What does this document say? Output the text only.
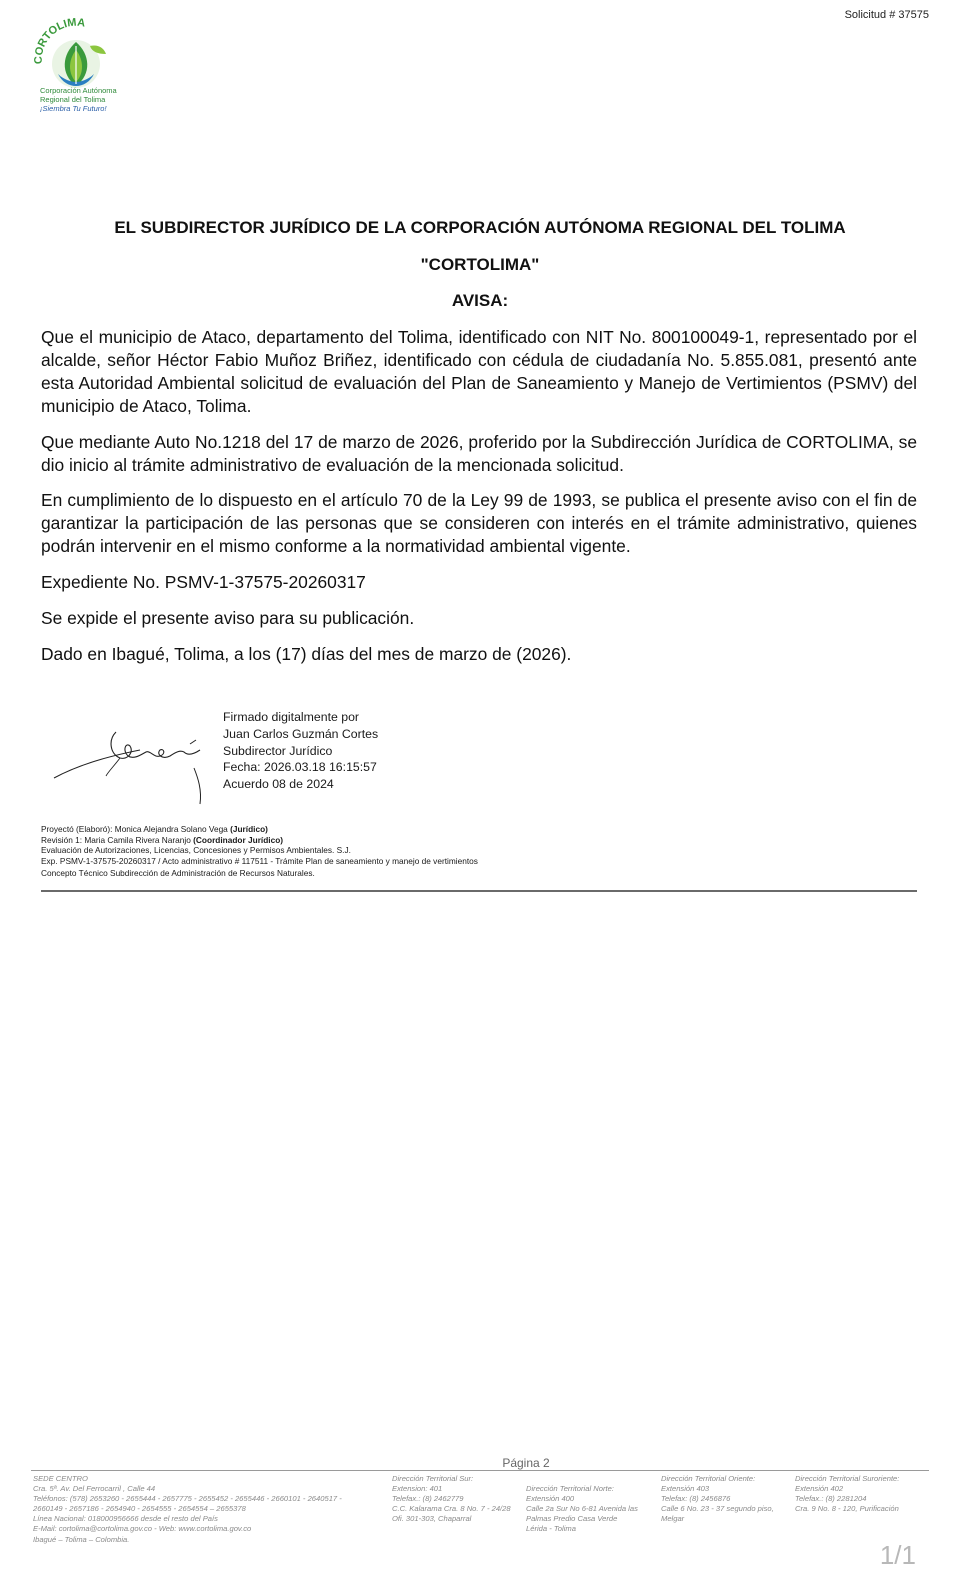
Solicitud # 37575
CORTOLIMA
Corporación Autónoma
Regional del Tolima
¡Siembra Tu Futuro!
EL SUBDIRECTOR JURÍDICO DE LA CORPORACIÓN AUTÓNOMA REGIONAL DEL TOLIMA
"CORTOLIMA"
AVISA:
Que el municipio de Ataco, departamento del Tolima, identificado con NIT No. 800100049-1, representado por el alcalde, señor Héctor Fabio Muñoz Briñez, identificado con cédula de ciudadanía No. 5.855.081, presentó ante esta Autoridad Ambiental solicitud de evaluación del Plan de Saneamiento y Manejo de Vertimientos (PSMV) del municipio de Ataco, Tolima.
Que mediante Auto No.1218 del 17 de marzo de 2026, proferido por la Subdirección Jurídica de CORTOLIMA, se dio inicio al trámite administrativo de evaluación de la mencionada solicitud.
En cumplimiento de lo dispuesto en el artículo 70 de la Ley 99 de 1993, se publica el presente aviso con el fin de garantizar la participación de las personas que se consideren con interés en el trámite administrativo, quienes podrán intervenir en el mismo conforme a la normatividad ambiental vigente.
Expediente No. PSMV-1-37575-20260317
Se expide el presente aviso para su publicación.
Dado en Ibagué, Tolima, a los (17) días del mes de marzo de (2026).
Firmado digitalmente por
Juan Carlos Guzmán Cortes
Subdirector Jurídico
Fecha: 2026.03.18 16:15:57
Acuerdo 08 de 2024
Proyectó (Elaboró): Monica Alejandra Solano Vega (Jurídico)
Revisión 1: Maria Camila Rivera Naranjo (Coordinador Jurídico)
Evaluación de Autorizaciones, Licencias, Concesiones y Permisos Ambientales. S.J.
Exp. PSMV-1-37575-20260317 / Acto administrativo # 117511 - Trámite Plan de saneamiento y manejo de vertimientos
Concepto Técnico Subdirección de Administración de Recursos Naturales.
Página 2
SEDE CENTRO
Cra. 5ª. Av. Del Ferrocarril , Calle 44
Teléfonos: (578) 2653260 - 2655444 - 2657775 - 2655452 - 2655446 - 2660101 - 2640517 -
2660149 - 2657186 - 2654940 - 2654555 - 2654554 – 2655378
Línea Nacional: 018000956666 desde el resto del País
E-Mail: cortolima@cortolima.gov.co - Web: www.cortolima.gov.co
Ibagué – Tolima – Colombia.
Dirección Territorial Sur:
Extension: 401
Telefax.: (8) 2462779
C.C. Kalarama Cra. 8 No. 7 - 24/28
Ofi. 301-303, Chaparral
Dirección Territorial Norte:
Extensión 400
Calle 2a Sur No 6-81 Avenida las
Palmas Predio Casa Verde
Lérida - Tolima
Dirección Territorial Oriente:
Extensión 403
Telefax: (8) 2456876
Calle 6 No. 23 - 37 segundo piso,
Melgar
Dirección Territorial Suroriente:
Extensión 402
Telefax.: (8) 2281204
Cra. 9 No. 8 - 120, Purificación
1/1
